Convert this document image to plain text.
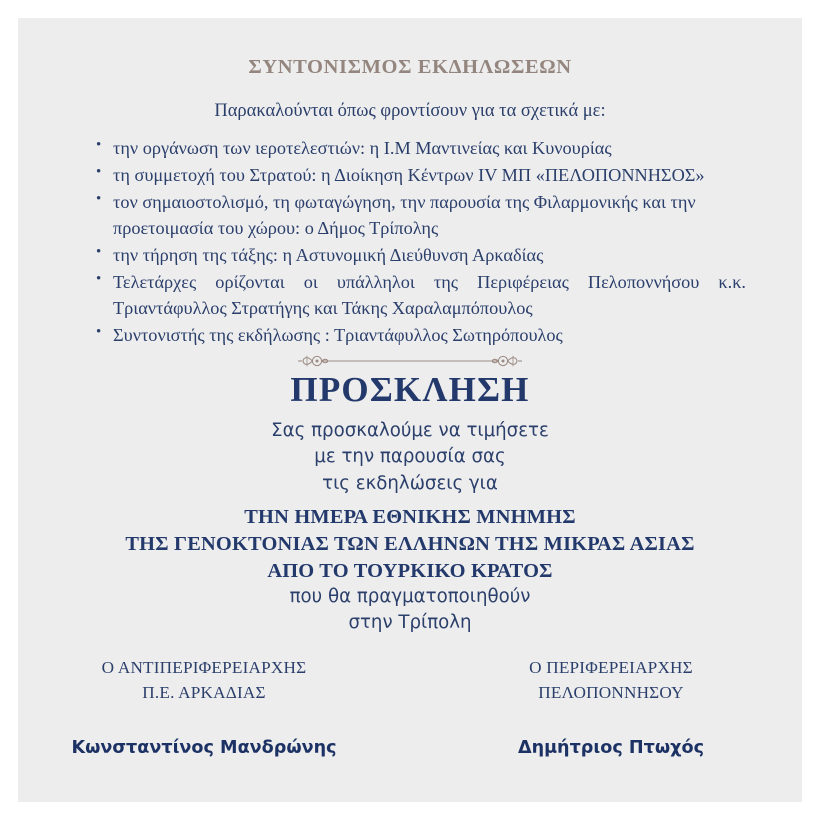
ΣΥΝΤΟΝΙΣΜΟΣ ΕΚΔΗΛΩΣΕΩΝ
Παρακαλούνται όπως φροντίσουν για τα σχετικά με:
• την οργάνωση των ιεροτελεστιών: η Ι.Μ Μαντινείας και Κυνουρίας
• τη συμμετοχή του Στρατού: η Διοίκηση Κέντρων IV ΜΠ «ΠΕΛΟΠΟΝΝΗΣΟΣ»
• τον σημαιοστολισμό, τη φωταγώγηση, την παρουσία της Φιλαρμονικής και την προετοιμασία του χώρου: ο Δήμος Τρίπολης
• την τήρηση της τάξης: η Αστυνομική Διεύθυνση Αρκαδίας
• Τελετάρχες ορίζονται οι υπάλληλοι της Περιφέρειας Πελοποννήσου κ.κ.
Τριαντάφυλλος Στρατήγης και Τάκης Χαραλαμπόπουλος
• Συντονιστής της εκδήλωσης : Τριαντάφυλλος Σωτηρόπουλος
ΠΡΟΣΚΛΗΣΗ
Σας προσκαλούμε να τιμήσετε
με την παρουσία σας
τις εκδηλώσεις για
ΤΗΝ ΗΜΕΡΑ ΕΘΝΙΚΗΣ ΜΝΗΜΗΣ
ΤΗΣ ΓΕΝΟΚΤΟΝΙΑΣ ΤΩΝ ΕΛΛΗΝΩΝ ΤΗΣ ΜΙΚΡΑΣ ΑΣΙΑΣ
ΑΠΟ ΤΟ ΤΟΥΡΚΙΚΟ ΚΡΑΤΟΣ
που θα πραγματοποιηθούν
στην Τρίπολη
Ο ΑΝΤΙΠΕΡΙΦΕΡΕΙΑΡΧΗΣ
Π.Ε. ΑΡΚΑΔΙΑΣ
Κωνσταντίνος Μανδρώνης
Ο ΠΕΡΙΦΕΡΕΙΑΡΧΗΣ
ΠΕΛΟΠΟΝΝΗΣΟΥ
Δημήτριος Πτωχός
